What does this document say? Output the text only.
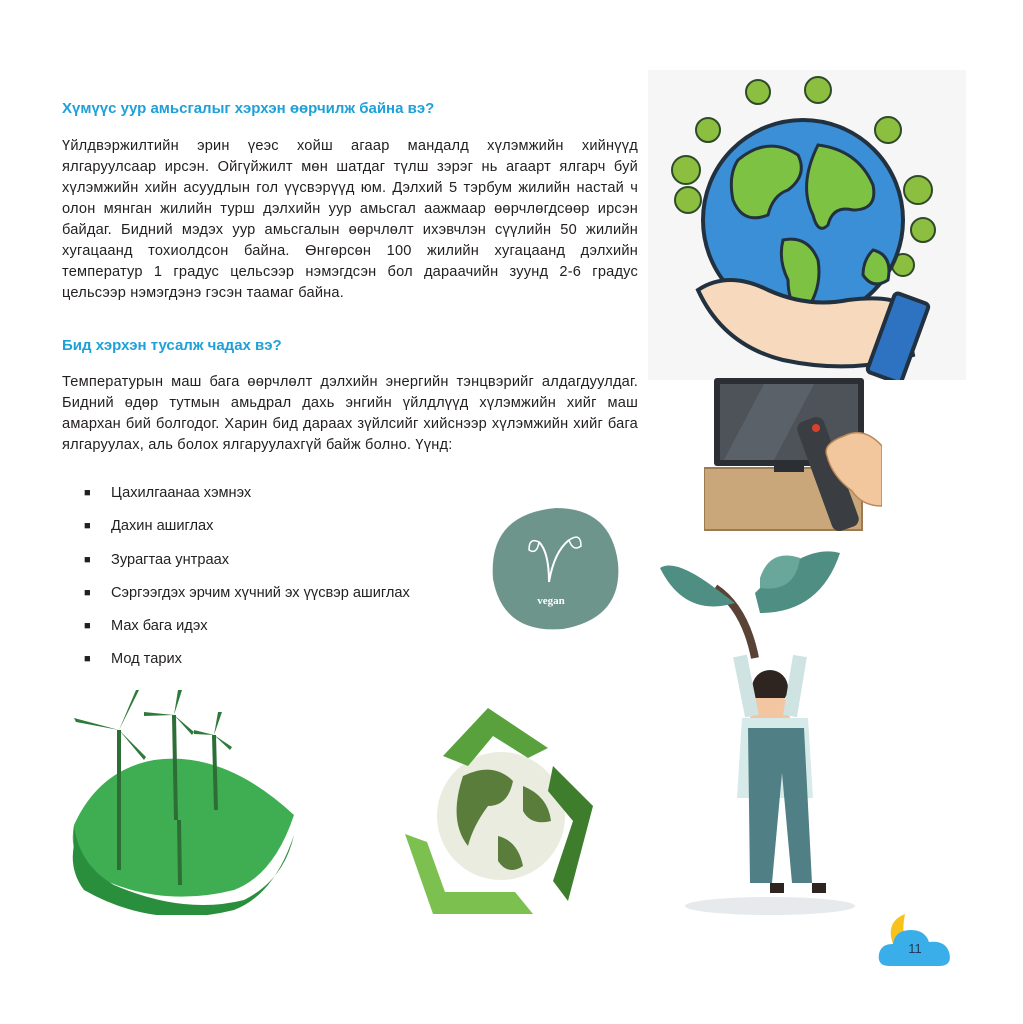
Хүмүүс уур амьсгалыг хэрхэн өөрчилж байна вэ?

Үйлдвэржилтийн эрин үеэс хойш агаар мандалд хүлэмжийн хийнүүд ялгаруулсаар ирсэн. Ойгүйжилт мөн шатдаг түлш зэрэг нь агаарт ялгарч буй хүлэмжийн хийн асуудлын гол үүсвэрүүд юм. Дэлхий 5 тэрбум жилийн настай ч олон мянган жилийн турш дэлхийн уур амьсгал аажмаар өөрчлөгдсөөр ирсэн байдаг. Бидний мэдэх уур амьсгалын өөрчлөлт ихэвчлэн сүүлийн 50 жилийн хугацаанд тохиолдсон байна. Өнгөрсөн 100 жилийн хугацаанд дэлхийн температур 1 градус цельсээр нэмэгдсэн бол дараачийн зуунд 2-6 градус цельсээр нэмэгдэнэ гэсэн таамаг байна.

Бид хэрхэн тусалж чадах вэ?

Температурын маш бага өөрчлөлт дэлхийн энергийн тэнцвэрийг алдагдуулдаг. Бидний өдөр тутмын амьдрал дахь энгийн үйлдлүүд хүлэмжийн хийг маш амархан бий болгодог. Харин бид дараах зүйлсийг хийснээр хүлэмжийн хийг бага ялгаруулах, аль болох ялгаруулахгүй байж болно. Үүнд:

■	Цахилгаанаа хэмнэх
■	Дахин ашиглах
■	Зурагтаа унтраах
■	Сэргээгдэх эрчим хүчний эх үүсвэр ашиглах
■	Мах бага идэх
■	Мод тарих
vegan
11
